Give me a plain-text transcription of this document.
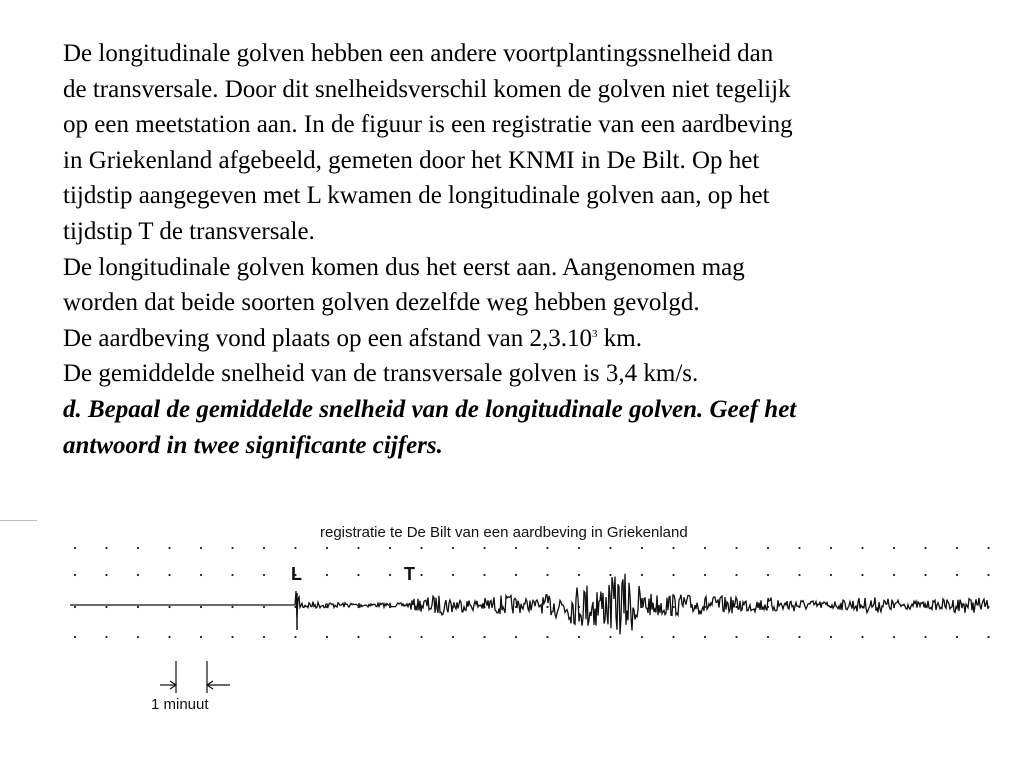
De longitudinale golven hebben een andere voortplantingssnelheid dan
de transversale. Door dit snelheidsverschil komen de golven niet tegelijk
op een meetstation aan. In de figuur is een registratie van een aardbeving
in Griekenland afgebeeld, gemeten door het KNMI in De Bilt. Op het
tijdstip aangegeven met L kwamen de longitudinale golven aan, op het
tijdstip T de transversale.
De longitudinale golven komen dus het eerst aan. Aangenomen mag
worden dat beide soorten golven dezelfde weg hebben gevolgd.
De aardbeving vond plaats op een afstand van 2,3.10$^3$ km.
De gemiddelde snelheid van de transversale golven is 3,4 km/s.
d. Bepaal de gemiddelde snelheid van de longitudinale golven. Geef het
antwoord in twee significante cijfers.
registratie te De Bilt van een aardbeving in Griekenland
L	T
1 minuut
